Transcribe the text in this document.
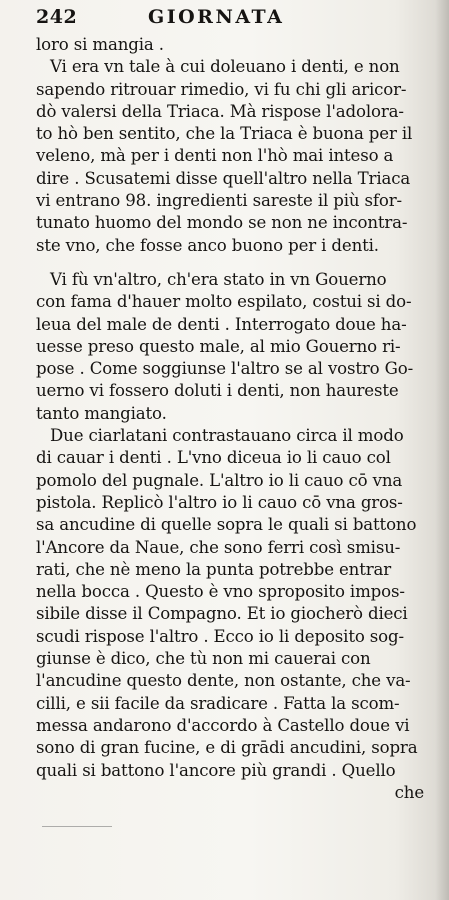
242	GIORNATA
loro si mangia .
Vi era vn tale à cui doleuano i denti, e non
sapendo ritrouar rimedio, vi fu chi gli aricor-
dò valersi della Triaca. Mà rispose l'adolora-
to hò ben sentito, che la Triaca è buona per il
veleno, mà per i denti non l'hò mai inteso a
dire . Scusatemi disse quell'altro nella Triaca
vi entrano 98. ingredienti sareste il più sfor-
tunato huomo del mondo se non ne incontra-
ste vno, che fosse anco buono per i denti.
Vi fù vn'altro, ch'era stato in vn Gouerno
con fama d'hauer molto espilato, costui si do-
leua del male de denti . Interrogato doue ha-
uesse preso questo male, al mio Gouerno ri-
pose . Come soggiunse l'altro se al vostro Go-
uerno vi fossero doluti i denti, non haureste
tanto mangiato.
Due ciarlatani contrastauano circa il modo
di cauar i denti . L'vno diceua io li cauo col
pomolo del pugnale. L'altro io li cauo cō vna
pistola. Replicò l'altro io li cauo cō vna gros-
sa ancudine di quelle sopra le quali si battono
l'Ancore da Naue, che sono ferri così smisu-
rati, che nè meno la punta potrebbe entrar
nella bocca . Questo è vno sproposito impos-
sibile disse il Compagno. Et io giocherò dieci
scudi rispose l'altro . Ecco io li deposito sog-
giunse è dico, che tù non mi cauerai con
l'ancudine questo dente, non ostante, che va-
cilli, e sii facile da sradicare . Fatta la scom-
messa andarono d'accordo à Castello doue vi
sono di gran fucine, e di grādi ancudini, sopra
quali si battono l'ancore più grandi . Quello
che
